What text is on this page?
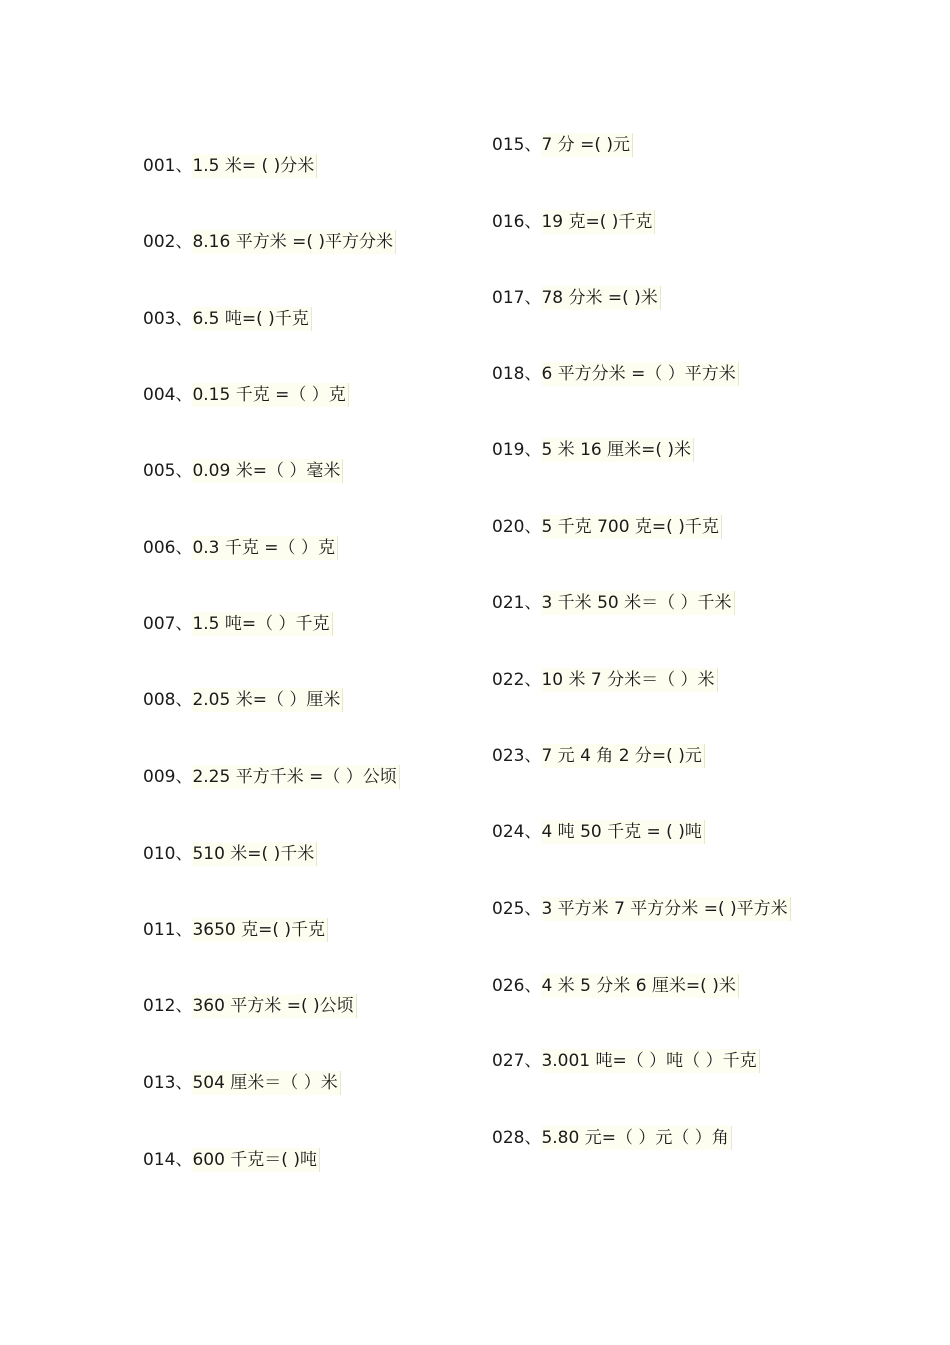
001、 1.5 米= ( )分米
002、 8.16 平方米 =( )平方分米
003、 6.5 吨=( )千克
004、 0.15 千克 =（ ）克
005、 0.09 米=（ ）毫米
006、 0.3 千克 =（ ）克
007、 1.5 吨=（ ）千克
008、 2.05 米=（ ）厘米
009、 2.25 平方千米 =（ ）公顷
010、 510 米=( )千米
011、 3650 克=( )千克
012、 360 平方米 =( )公顷
013、 504 厘米＝（ ）米
014、 600 千克＝( )吨
015、 7 分 =( )元
016、 19 克=( )千克
017、 78 分米 =( )米
018、 6 平方分米 =（ ）平方米
019、 5 米 16 厘米=( )米
020、 5 千克 700 克=( )千克
021、 3 千米 50 米＝（ ）千米
022、 10 米 7 分米＝（ ）米
023、 7 元 4 角 2 分=( )元
024、 4 吨 50 千克 = ( )吨
025、 3 平方米 7 平方分米 =( )平方米
026、 4 米 5 分米 6 厘米=( )米
027、 3.001 吨=（ ）吨（ ）千克
028、 5.80 元=（ ）元（ ）角
